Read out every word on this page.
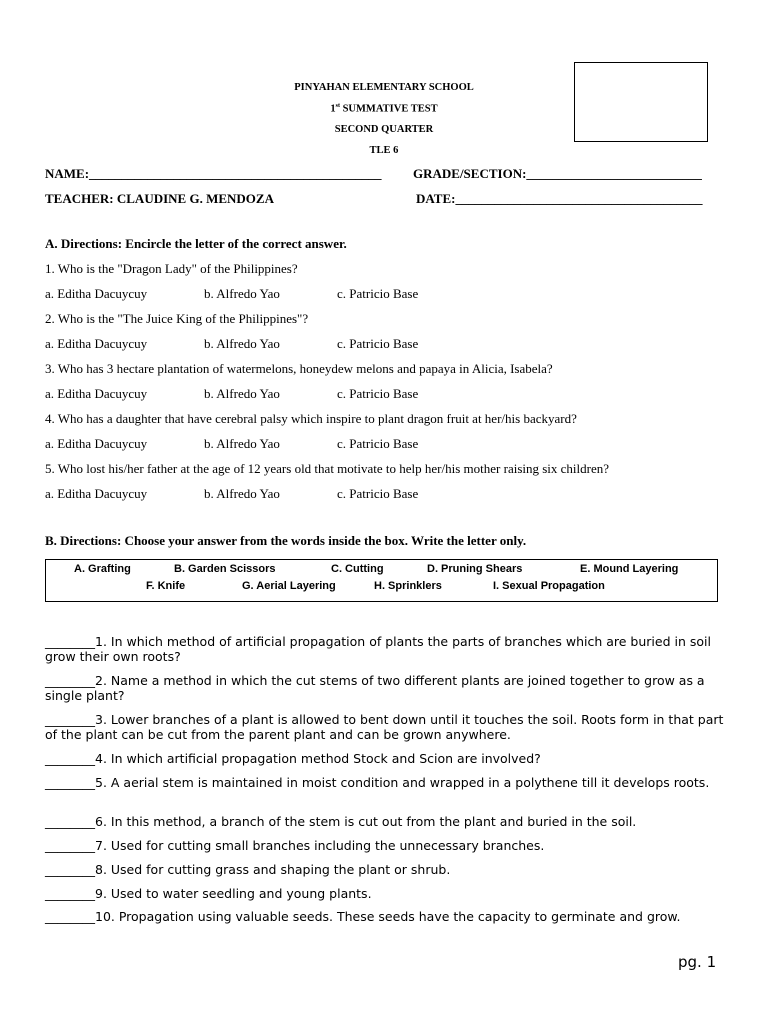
PINYAHAN ELEMENTARY SCHOOL
1st SUMMATIVE TEST
SECOND QUARTER
TLE 6
NAME:_____________________________________________ GRADE/SECTION:___________________________
TEACHER: CLAUDINE G. MENDOZA	DATE:______________________________________
A. Directions: Encircle the letter of the correct answer.
1. Who is the "Dragon Lady" of the Philippines?
a. Editha Dacuycuy	b. Alfredo Yao	c. Patricio Base
2. Who is the "The Juice King of the Philippines"?
a. Editha Dacuycuy	b. Alfredo Yao	c. Patricio Base
3. Who has 3 hectare plantation of watermelons, honeydew melons and papaya in Alicia, Isabela?
a. Editha Dacuycuy	b. Alfredo Yao	c. Patricio Base
4. Who has a daughter that have cerebral palsy which inspire to plant dragon fruit at her/his backyard?
a. Editha Dacuycuy	b. Alfredo Yao	c. Patricio Base
5. Who lost his/her father at the age of 12 years old that motivate to help her/his mother raising six children?
a. Editha Dacuycuy	b. Alfredo Yao	c. Patricio Base
B. Directions: Choose your answer from the words inside the box. Write the letter only.
A. Grafting	B. Garden Scissors	C. Cutting	D. Pruning Shears	E. Mound Layering
F. Knife	G. Aerial Layering	H. Sprinklers	I. Sexual Propagation
________1. In which method of artificial propagation of plants the parts of branches which are buried in soil grow their own roots?
________2. Name a method in which the cut stems of two different plants are joined together to grow as a single plant?
________3. Lower branches of a plant is allowed to bent down until it touches the soil. Roots form in that part of the plant can be cut from the parent plant and can be grown anywhere.
________4. In which artificial propagation method Stock and Scion are involved?
________5. A aerial stem is maintained in moist condition and wrapped in a polythene till it develops roots.
________6. In this method, a branch of the stem is cut out from the plant and buried in the soil.
________7. Used for cutting small branches including the unnecessary branches.
________8. Used for cutting grass and shaping the plant or shrub.
________9. Used to water seedling and young plants.
________10. Propagation using valuable seeds. These seeds have the capacity to germinate and grow.
pg. 1
